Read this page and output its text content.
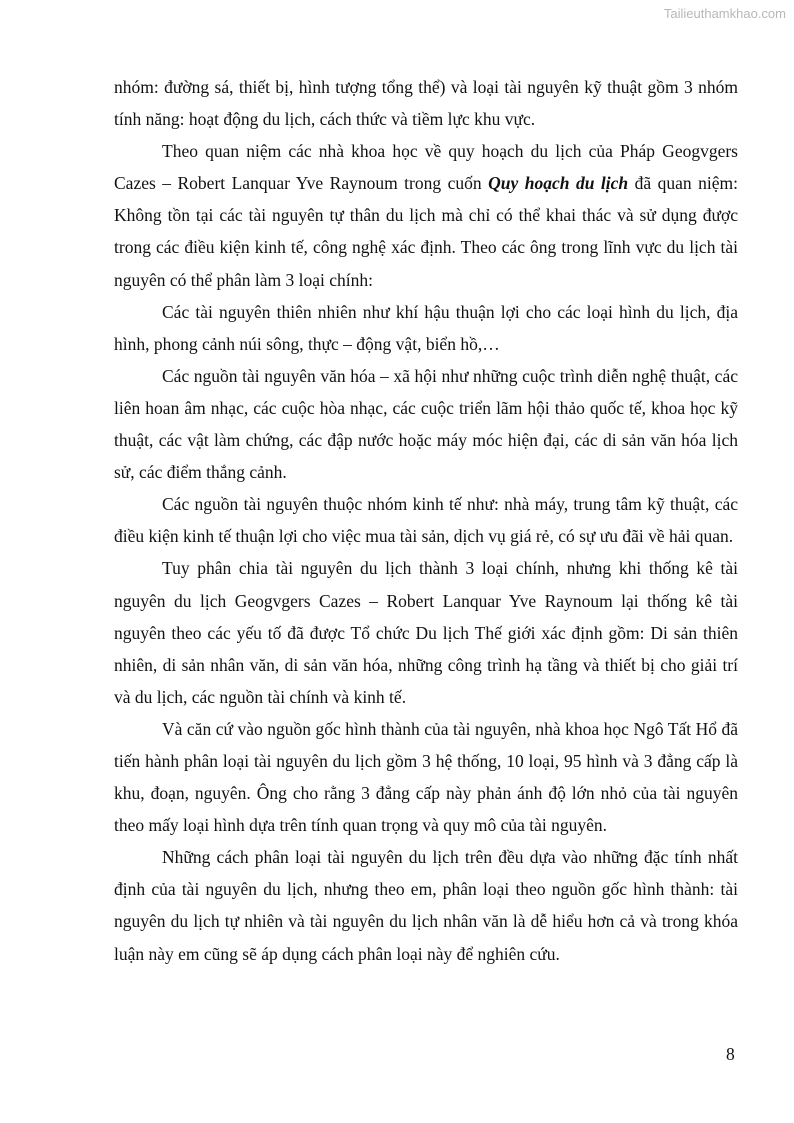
Tailieuthamkhao.com

nhóm: đường sá, thiết bị, hình tượng tổng thể) và loại tài nguyên kỹ thuật gồm 3 nhóm tính năng: hoạt động du lịch, cách thức và tiềm lực khu vực.

Theo quan niệm các nhà khoa học về quy hoạch du lịch của Pháp Geogvgers Cazes – Robert Lanquar Yve Raynoum trong cuốn Quy hoạch du lịch đã quan niệm: Không tồn tại các tài nguyên tự thân du lịch mà chỉ có thể khai thác và sử dụng được trong các điều kiện kinh tế, công nghệ xác định. Theo các ông trong lĩnh vực du lịch tài nguyên có thể phân làm 3 loại chính:

Các tài nguyên thiên nhiên như khí hậu thuận lợi cho các loại hình du lịch, địa hình, phong cảnh núi sông, thực – động vật, biển hồ,…

Các nguồn tài nguyên văn hóa – xã hội như những cuộc trình diễn nghệ thuật, các liên hoan âm nhạc, các cuộc hòa nhạc, các cuộc triển lãm hội thảo quốc tế, khoa học kỹ thuật, các vật làm chứng, các đập nước hoặc máy móc hiện đại, các di sản văn hóa lịch sử, các điểm thắng cảnh.

Các nguồn tài nguyên thuộc nhóm kinh tế như: nhà máy, trung tâm kỹ thuật, các điều kiện kinh tế thuận lợi cho việc mua tài sản, dịch vụ giá rẻ, có sự ưu đãi về hải quan.

Tuy phân chia tài nguyên du lịch thành 3 loại chính, nhưng khi thống kê tài nguyên du lịch Geogvgers Cazes – Robert Lanquar Yve Raynoum lại thống kê tài nguyên theo các yếu tố đã được Tổ chức Du lịch Thế giới xác định gồm: Di sản thiên nhiên, di sản nhân văn, di sản văn hóa, những công trình hạ tầng và thiết bị cho giải trí và du lịch, các nguồn tài chính và kinh tế.

Và căn cứ vào nguồn gốc hình thành của tài nguyên, nhà khoa học Ngô Tất Hổ đã tiến hành phân loại tài nguyên du lịch gồm 3 hệ thống, 10 loại, 95 hình và 3 đẳng cấp là khu, đoạn, nguyên. Ông cho rằng 3 đẳng cấp này phản ánh độ lớn nhỏ của tài nguyên theo mấy loại hình dựa trên tính quan trọng và quy mô của tài nguyên.

Những cách phân loại tài nguyên du lịch trên đều dựa vào những đặc tính nhất định của tài nguyên du lịch, nhưng theo em, phân loại theo nguồn gốc hình thành: tài nguyên du lịch tự nhiên và tài nguyên du lịch nhân văn là dễ hiểu hơn cả và trong khóa luận này em cũng sẽ áp dụng cách phân loại này để nghiên cứu.

8
